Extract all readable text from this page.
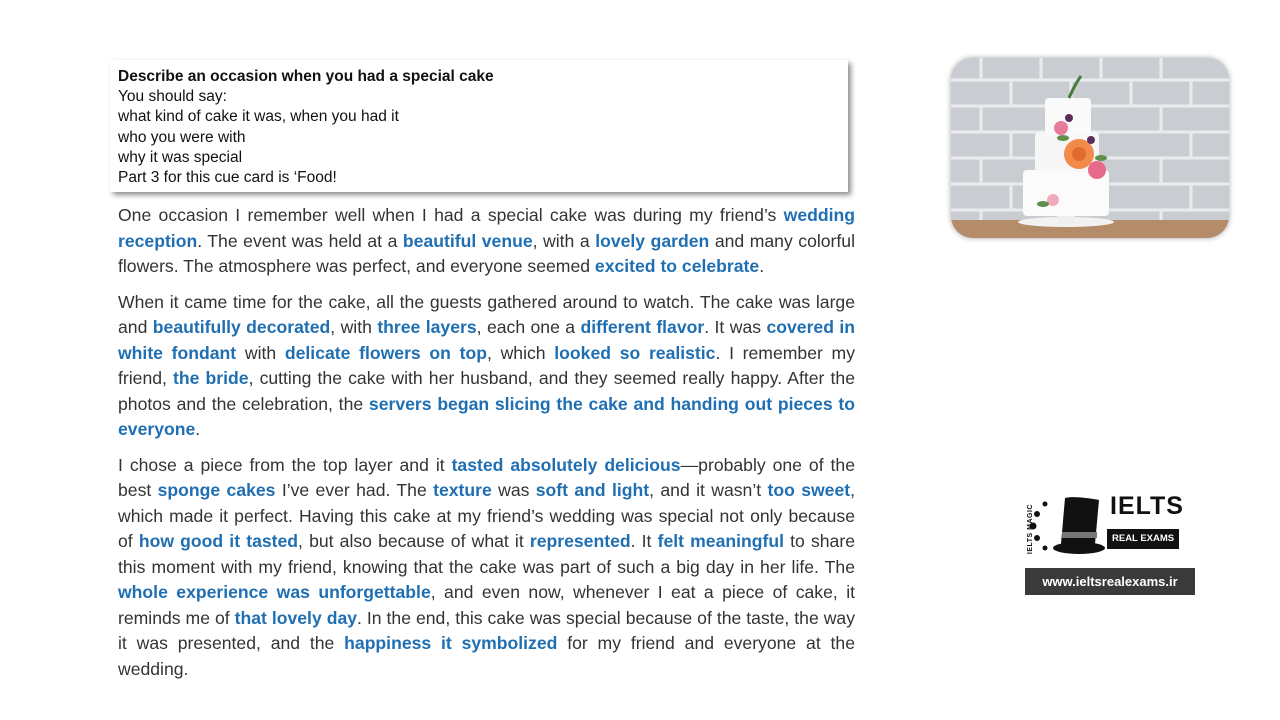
Describe an occasion when you had a special cake
You should say:
what kind of cake it was, when you had it
who you were with
why it was special
Part 3 for this cue card is ‘Food!

One occasion I remember well when I had a special cake was during my friend’s wedding reception. The event was held at a beautiful venue, with a lovely garden and many colorful flowers. The atmosphere was perfect, and everyone seemed excited to celebrate.

When it came time for the cake, all the guests gathered around to watch. The cake was large and beautifully decorated, with three layers, each one a different flavor. It was covered in white fondant with delicate flowers on top, which looked so realistic. I remember my friend, the bride, cutting the cake with her husband, and they seemed really happy. After the photos and the celebration, the servers began slicing the cake and handing out pieces to everyone.

I chose a piece from the top layer and it tasted absolutely delicious—probably one of the best sponge cakes I’ve ever had. The texture was soft and light, and it wasn’t too sweet, which made it perfect. Having this cake at my friend’s wedding was special not only because of how good it tasted, but also because of what it represented. It felt meaningful to share this moment with my friend, knowing that the cake was part of such a big day in her life. The whole experience was unforgettable, and even now, whenever I eat a piece of cake, it reminds me of that lovely day. In the end, this cake was special because of the taste, the way it was presented, and the happiness it symbolized for my friend and everyone at the wedding.

IELTS MAGIC	IELTS
REAL EXAMS
www.ieltsrealexams.ir
